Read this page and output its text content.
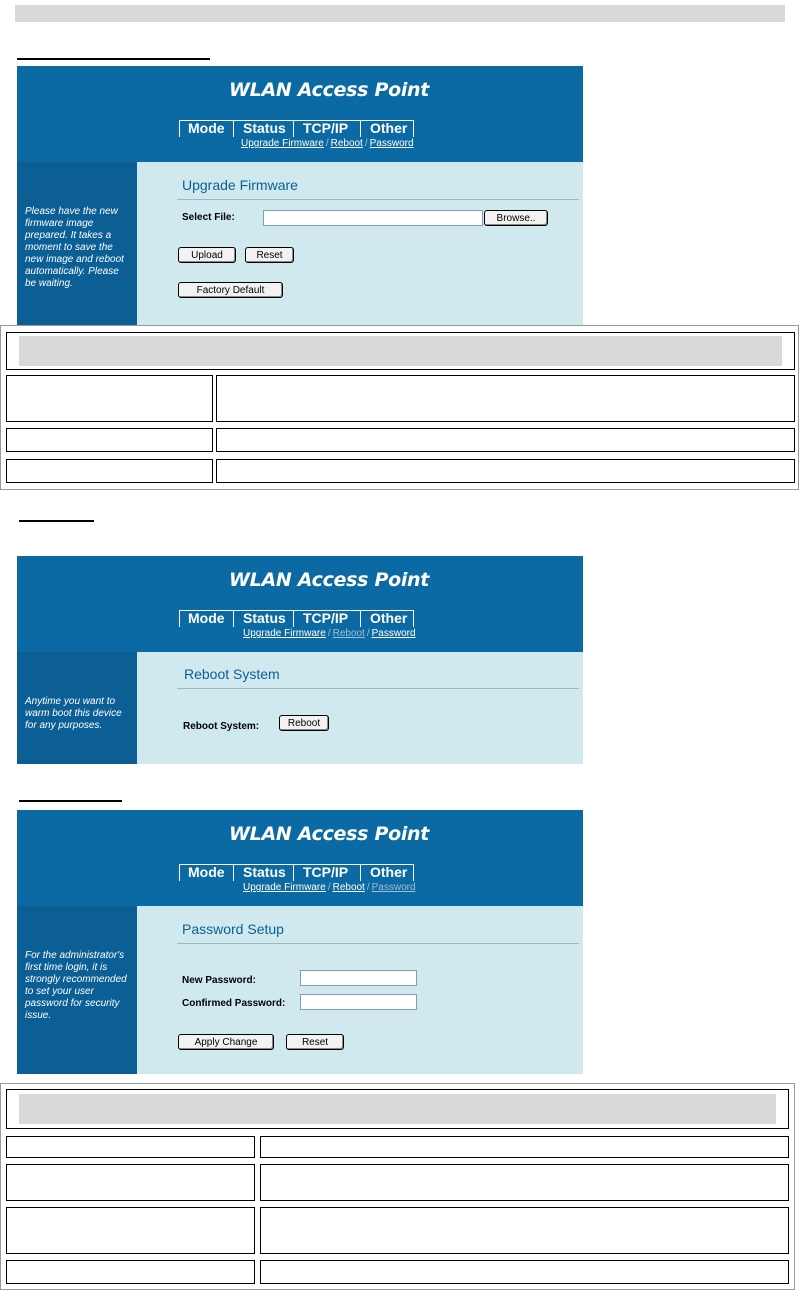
WLAN Access Point
Mode	Status	TCP/IP	Other
Upgrade Firmware / Reboot / Password
Please have the new firmware image prepared. It takes a moment to save the new image and reboot automatically. Please be waiting.
Upgrade Firmware
Select File:	Browse..
Upload	Reset
Factory Default
WLAN Access Point
Mode	Status	TCP/IP	Other
Upgrade Firmware / Reboot / Password
Anytime you want to warm boot this device for any purposes.
Reboot System
Reboot System:	Reboot
WLAN Access Point
Mode	Status	TCP/IP	Other
Upgrade Firmware / Reboot / Password
For the administrator's first time login, it is strongly recommended to set your user password for security issue.
Password Setup
New Password:
Confirmed Password:
Apply Change	Reset
